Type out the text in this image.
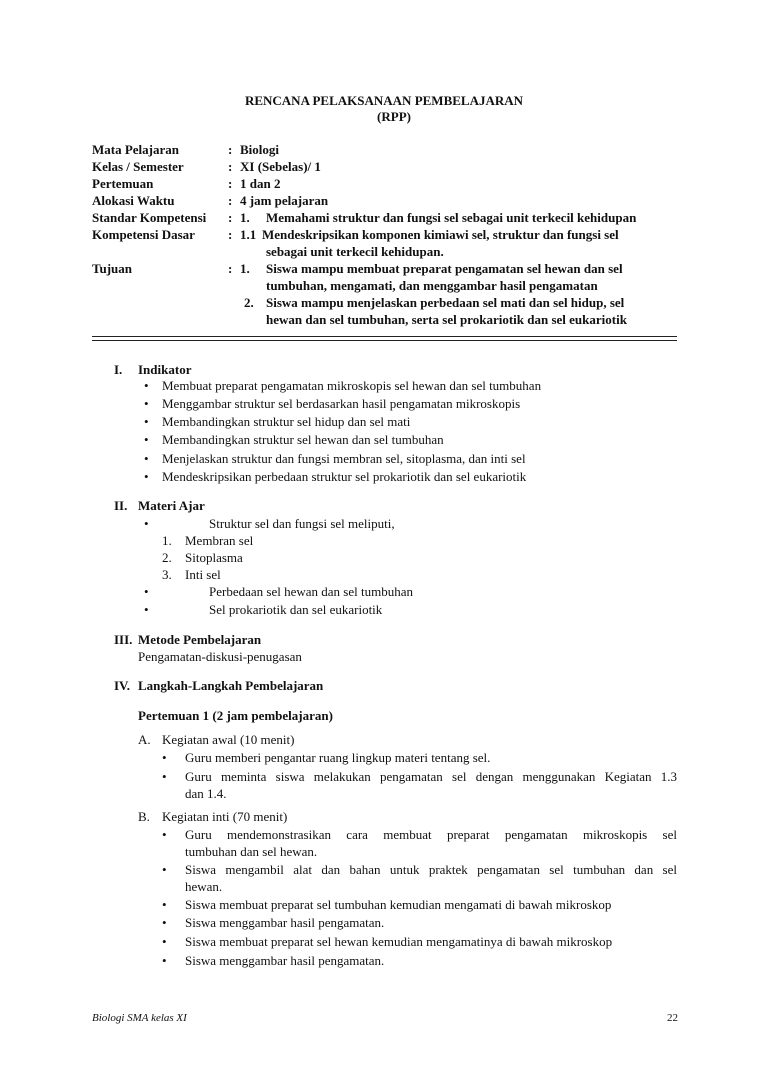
RENCANA PELAKSANAAN PEMBELAJARAN
(RPP)
Mata Pelajaran	: Biologi
Kelas / Semester	: XI (Sebelas)/ 1
Pertemuan	: 1 dan 2
Alokasi Waktu	: 4 jam pelajaran
Standar Kompetensi	: 1. Memahami struktur dan fungsi sel sebagai unit terkecil kehidupan
Kompetensi Dasar	: 1.1 Mendeskripsikan komponen kimiawi sel, struktur dan fungsi sel
sebagai unit terkecil kehidupan.
Tujuan	: 1. Siswa mampu membuat preparat pengamatan sel hewan dan sel
tumbuhan, mengamati, dan menggambar hasil pengamatan
2. Siswa mampu menjelaskan perbedaan sel mati dan sel hidup, sel
hewan dan sel tumbuhan, serta sel prokariotik dan sel eukariotik
I. Indikator
• Membuat preparat pengamatan mikroskopis sel hewan dan sel tumbuhan
• Menggambar struktur sel berdasarkan hasil pengamatan mikroskopis
• Membandingkan struktur sel hidup dan sel mati
• Membandingkan struktur sel hewan dan sel tumbuhan
• Menjelaskan struktur dan fungsi membran sel, sitoplasma, dan inti sel
• Mendeskripsikan perbedaan struktur sel prokariotik dan sel eukariotik
II. Materi Ajar
•	Struktur sel dan fungsi sel meliputi,
1. Membran sel
2. Sitoplasma
3. Inti sel
•	Perbedaan sel hewan dan sel tumbuhan
•	Sel prokariotik dan sel eukariotik
III. Metode Pembelajaran
Pengamatan-diskusi-penugasan
IV. Langkah-Langkah Pembelajaran
Pertemuan 1 (2 jam pembelajaran)
A. Kegiatan awal (10 menit)
• Guru memberi pengantar ruang lingkup materi tentang sel.
• Guru meminta siswa melakukan pengamatan sel dengan menggunakan Kegiatan 1.3
dan 1.4.
B. Kegiatan inti (70 menit)
• Guru mendemonstrasikan cara membuat preparat pengamatan mikroskopis sel
tumbuhan dan sel hewan.
• Siswa mengambil alat dan bahan untuk praktek pengamatan sel tumbuhan dan sel
hewan.
• Siswa membuat preparat sel tumbuhan kemudian mengamati di bawah mikroskop
• Siswa menggambar hasil pengamatan.
• Siswa membuat preparat sel hewan kemudian mengamatinya di bawah mikroskop
• Siswa menggambar hasil pengamatan.
Biologi SMA kelas XI	22
